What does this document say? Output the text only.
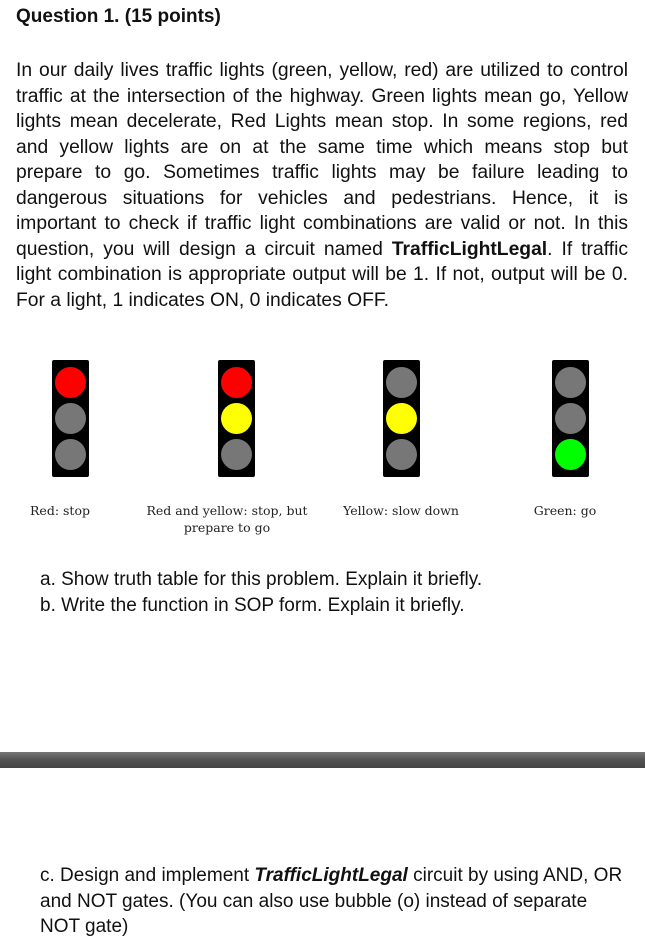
Question 1. (15 points)

In our daily lives traffic lights (green, yellow, red) are utilized to control traffic at the intersection of the highway. Green lights mean go, Yellow lights mean decelerate, Red Lights mean stop. In some regions, red and yellow lights are on at the same time which means stop but prepare to go. Sometimes traffic lights may be failure leading to dangerous situations for vehicles and pedestrians. Hence, it is important to check if traffic light combinations are valid or not. In this question, you will design a circuit named TrafficLightLegal. If traffic light combination is appropriate output will be 1. If not, output will be 0. For a light, 1 indicates ON, 0 indicates OFF.

Red: stop	Red and yellow: stop, but
prepare to go
Yellow: slow down	Green: go
a. Show truth table for this problem. Explain it briefly.
b. Write the function in SOP form. Explain it briefly.

c. Design and implement TrafficLightLegal circuit by using AND, OR and NOT gates. (You can also use bubble (o) instead of separate NOT gate)
